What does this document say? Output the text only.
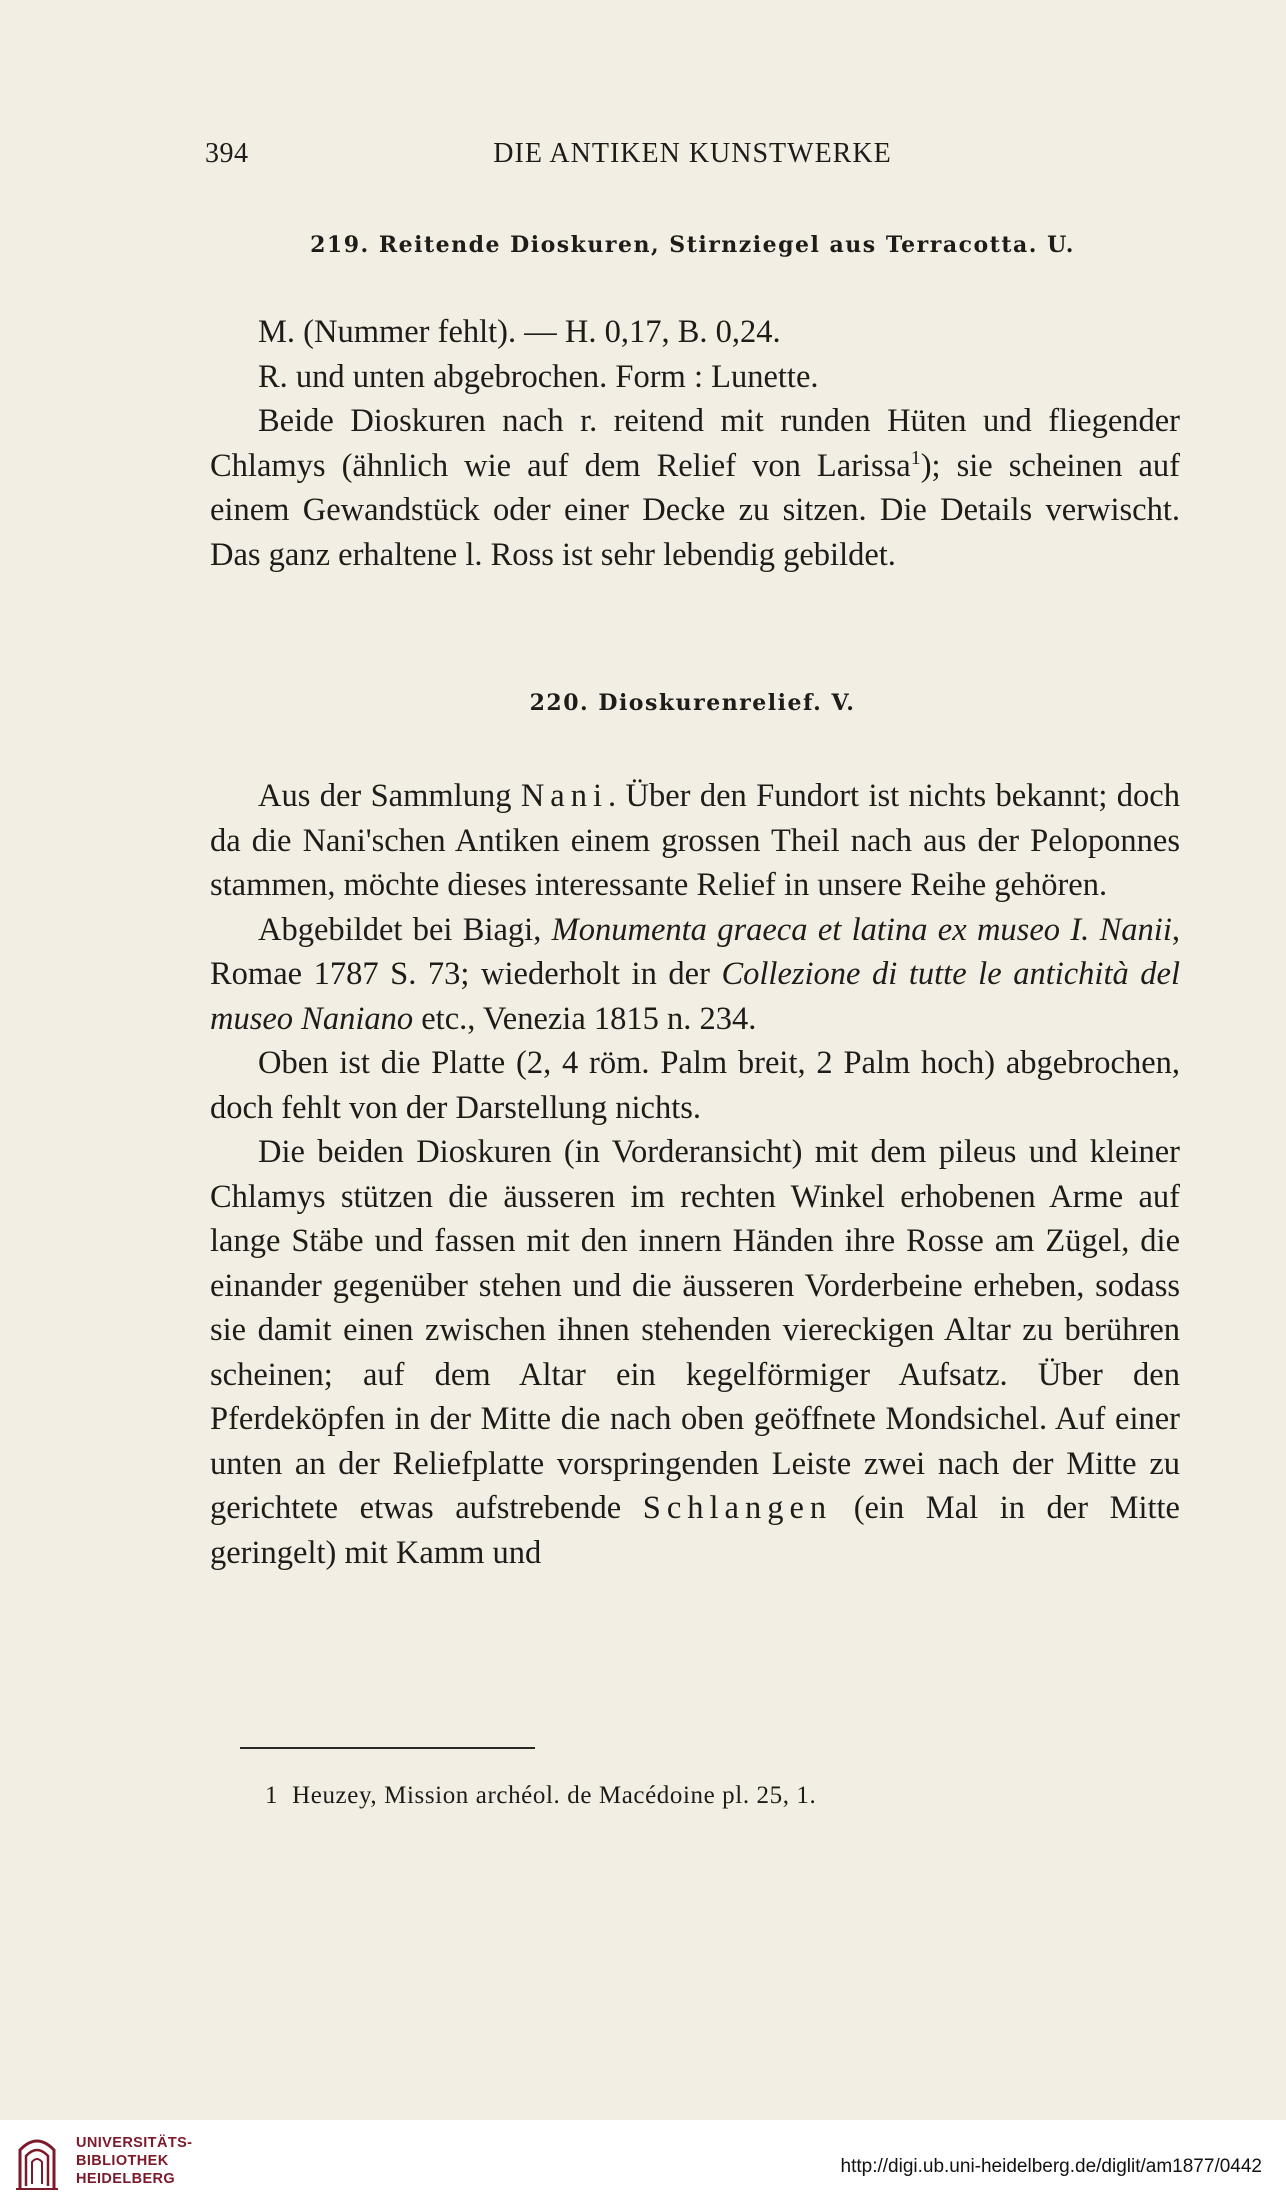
394	DIE ANTIKEN KUNSTWERKE
219. Reitende Dioskuren, Stirnziegel aus Terracotta. U.

M. (Nummer fehlt). — H. 0,17, B. 0,24.

R. und unten abgebrochen. Form : Lunette.

Beide Dioskuren nach r. reitend mit runden Hüten und fliegender Chlamys (ähnlich wie auf dem Relief von Larissa$^1$); sie scheinen auf einem Gewandstück oder einer Decke zu sitzen. Die Details verwischt. Das ganz erhaltene l. Ross ist sehr lebendig gebildet.

220. Dioskurenrelief. V.

Aus der Sammlung Nani. Über den Fundort ist nichts bekannt; doch da die Nani'schen Antiken einem grossen Theil nach aus der Peloponnes stammen, möchte dieses interessante Relief in unsere Reihe gehören.

Abgebildet bei Biagi, Monumenta graeca et latina ex museo I. Nanii, Romae 1787 S. 73; wiederholt in der Collezione di tutte le antichità del museo Naniano etc., Venezia 1815 n. 234.

Oben ist die Platte (2, 4 röm. Palm breit, 2 Palm hoch) abgebrochen, doch fehlt von der Darstellung nichts.

Die beiden Dioskuren (in Vorderansicht) mit dem pileus und kleiner Chlamys stützen die äusseren im rechten Winkel erhobenen Arme auf lange Stäbe und fassen mit den innern Händen ihre Rosse am Zügel, die einander gegenüber stehen und die äusseren Vorderbeine erheben, sodass sie damit einen zwischen ihnen stehenden viereckigen Altar zu berühren scheinen; auf dem Altar ein kegelförmiger Aufsatz. Über den Pferdeköpfen in der Mitte die nach oben geöffnete Mondsichel. Auf einer unten an der Reliefplatte vorspringenden Leiste zwei nach der Mitte zu gerichtete etwas aufstrebende Schlangen (ein Mal in der Mitte geringelt) mit Kamm und

1 Heuzey, Mission archéol. de Macédoine pl. 25, 1.
UNIVERSITÄTS-
BIBLIOTHEK
HEIDELBERG
http://digi.ub.uni-heidelberg.de/diglit/am1877/0442
